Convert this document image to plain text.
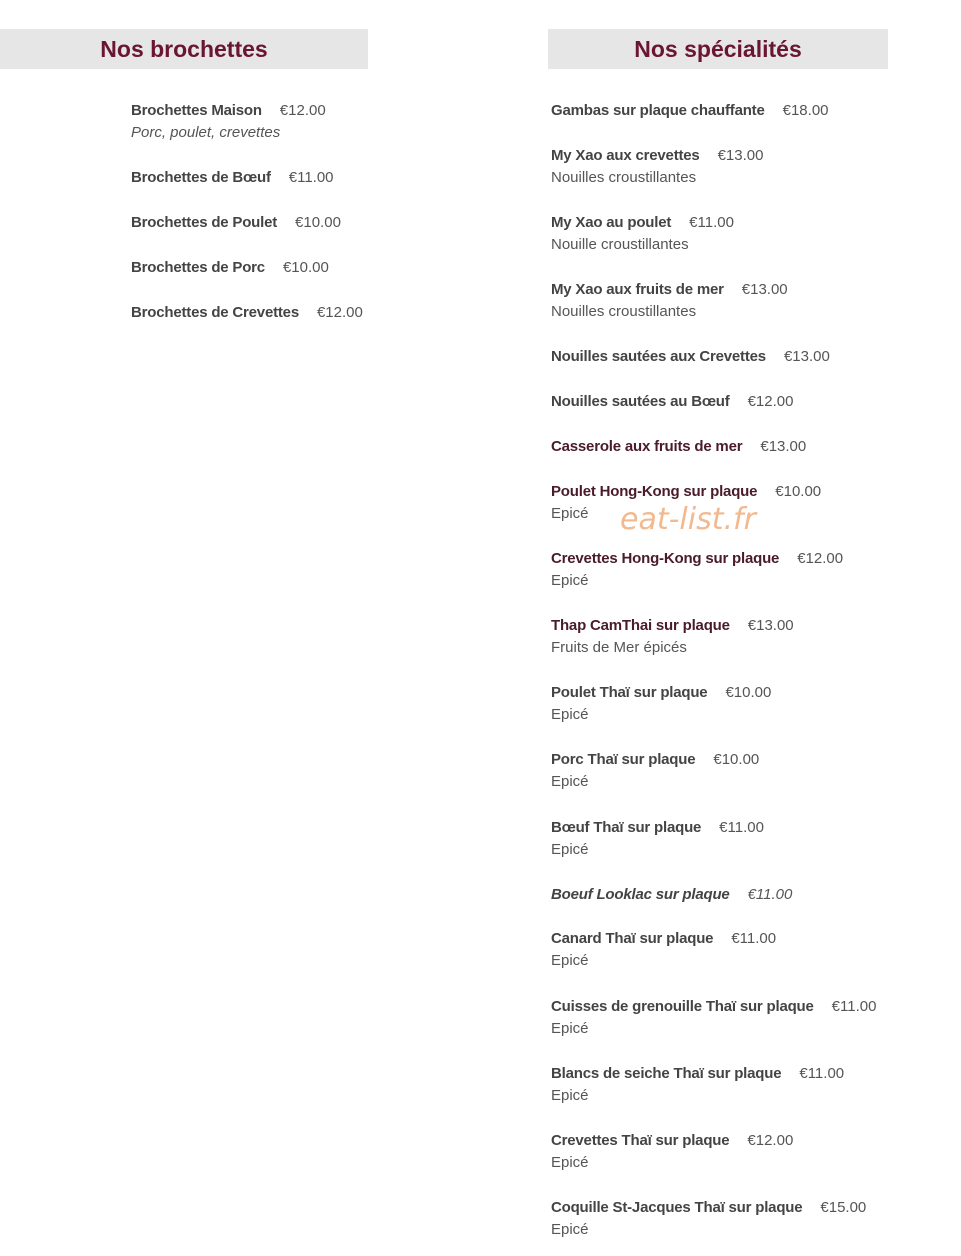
Nos brochettes	Nos spécialités
Brochettes Maison €12.00
Porc, poulet, crevettes
Brochettes de Bœuf €11.00
Brochettes de Poulet €10.00
Brochettes de Porc €10.00
Brochettes de Crevettes €12.00
Gambas sur plaque chauffante €18.00
My Xao aux crevettes €13.00
Nouilles croustillantes
My Xao au poulet €11.00
Nouille croustillantes
My Xao aux fruits de mer €13.00
Nouilles croustillantes
Nouilles sautées aux Crevettes €13.00
Nouilles sautées au Bœuf €12.00
Casserole aux fruits de mer €13.00
Poulet Hong-Kong sur plaque €10.00
Epicé
Crevettes Hong-Kong sur plaque €12.00
Epicé
Thap CamThai sur plaque €13.00
Fruits de Mer épicés
Poulet Thaï sur plaque €10.00
Epicé
Porc Thaï sur plaque €10.00
Epicé
Bœuf Thaï sur plaque €11.00
Epicé
Boeuf Looklac sur plaque €11.00
Canard Thaï sur plaque €11.00
Epicé
Cuisses de grenouille Thaï sur plaque €11.00
Epicé
Blancs de seiche Thaï sur plaque €11.00
Epicé
Crevettes Thaï sur plaque €12.00
Epicé
Coquille St-Jacques Thaï sur plaque €15.00
Epicé
eat-list.fr
